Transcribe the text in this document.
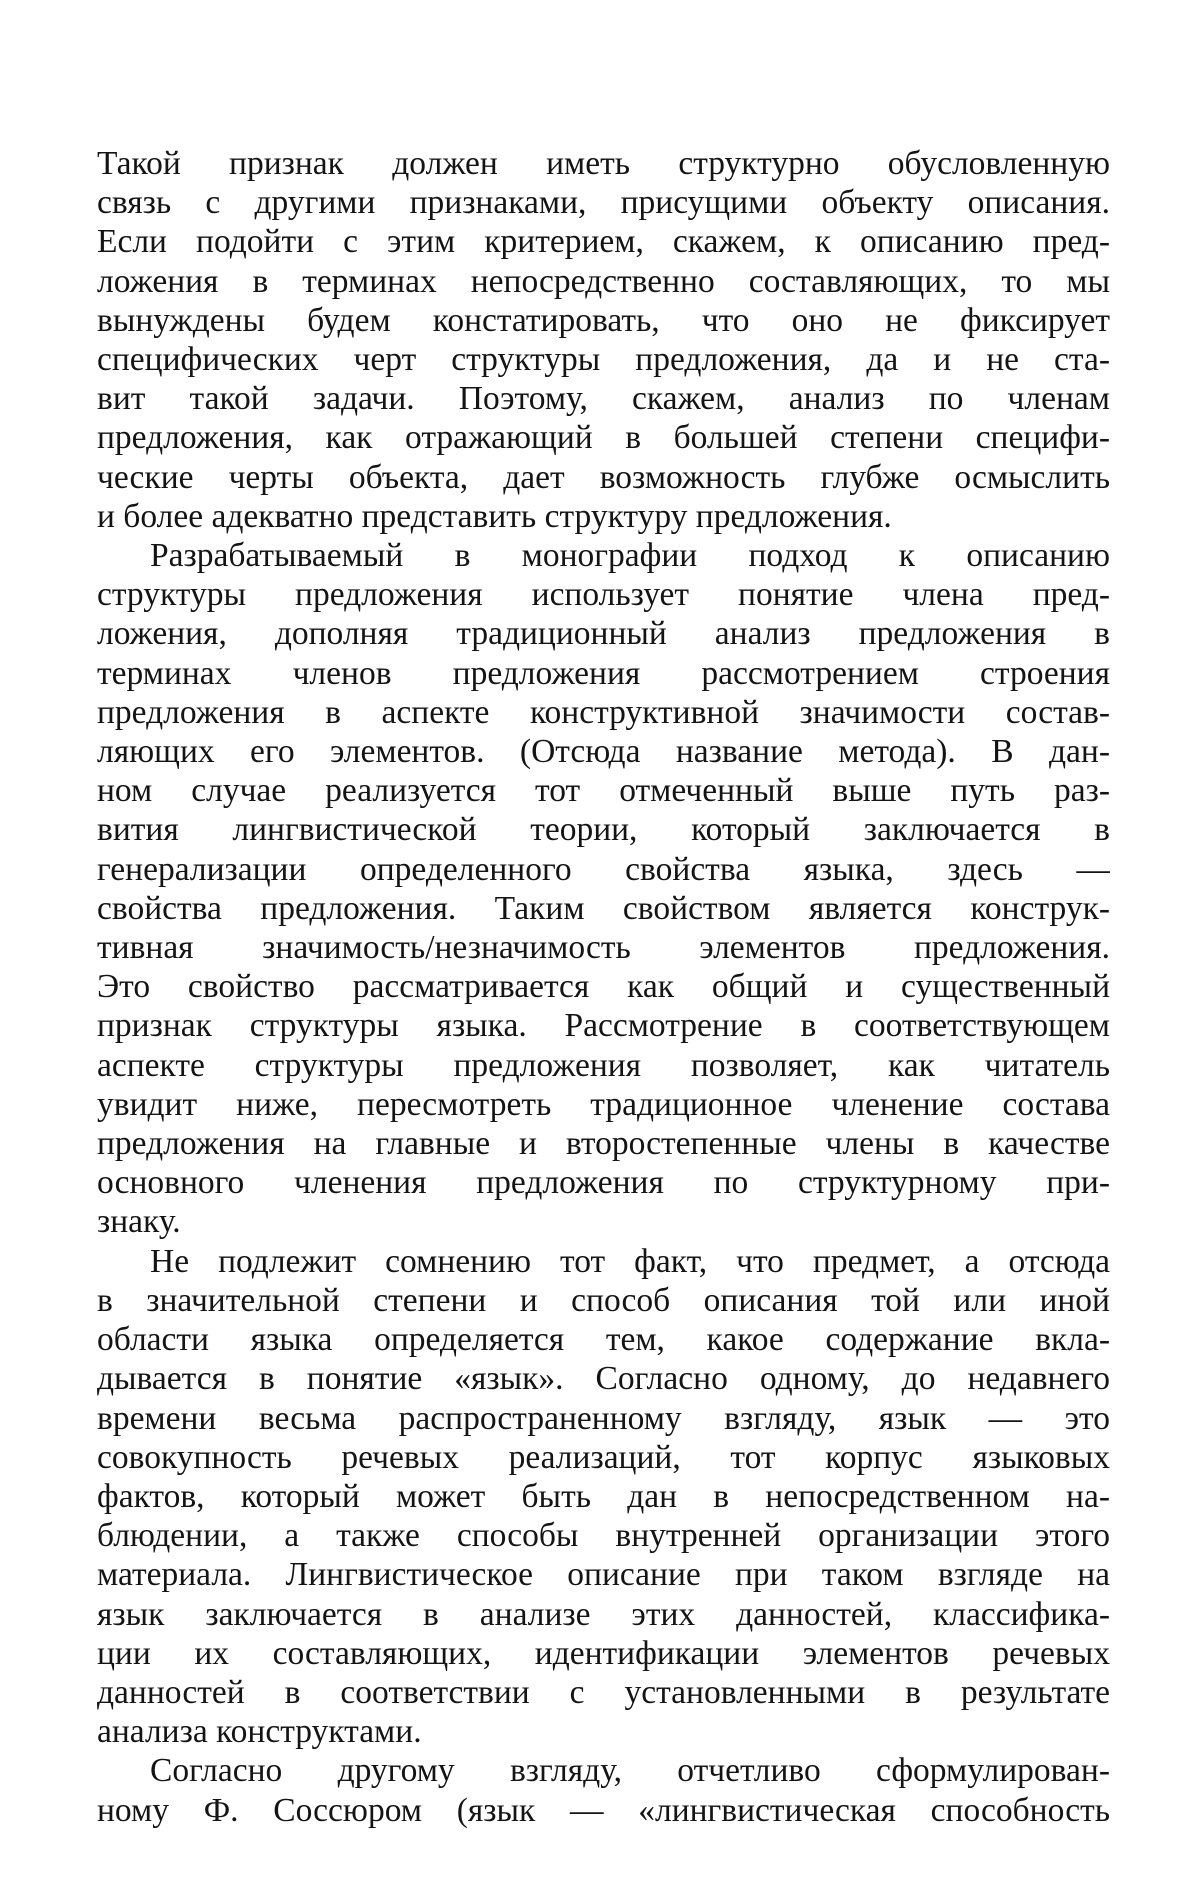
Такой признак должен иметь структурно обусловленную
связь с другими признаками, присущими объекту описания.
Если подойти с этим критерием, скажем, к описанию пред-
ложения в терминах непосредственно составляющих, то мы
вынуждены будем констатировать, что оно не фиксирует
специфических черт структуры предложения, да и не ста-
вит такой задачи. Поэтому, скажем, анализ по членам
предложения, как отражающий в большей степени специфи-
ческие черты объекта, дает возможность глубже осмыслить
и более адекватно представить структуру предложения.
Разрабатываемый в монографии подход к описанию
структуры предложения использует понятие члена пред-
ложения, дополняя традиционный анализ предложения в
терминах членов предложения рассмотрением строения
предложения в аспекте конструктивной значимости состав-
ляющих его элементов. (Отсюда название метода). В дан-
ном случае реализуется тот отмеченный выше путь раз-
вития лингвистической теории, который заключается в
генерализации определенного свойства языка, здесь —
свойства предложения. Таким свойством является конструк-
тивная значимость/незначимость элементов предложения.
Это свойство рассматривается как общий и существенный
признак структуры языка. Рассмотрение в соответствующем
аспекте структуры предложения позволяет, как читатель
увидит ниже, пересмотреть традиционное членение состава
предложения на главные и второстепенные члены в качестве
основного членения предложения по структурному при-
знаку.
Не подлежит сомнению тот факт, что предмет, а отсюда
в значительной степени и способ описания той или иной
области языка определяется тем, какое содержание вкла-
дывается в понятие «язык». Согласно одному, до недавнего
времени весьма распространенному взгляду, язык — это
совокупность речевых реализаций, тот корпус языковых
фактов, который может быть дан в непосредственном на-
блюдении, а также способы внутренней организации этого
материала. Лингвистическое описание при таком взгляде на
язык заключается в анализе этих данностей, классифика-
ции их составляющих, идентификации элементов речевых
данностей в соответствии с установленными в результате
анализа конструктами.
Согласно другому взгляду, отчетливо сформулирован-
ному Ф. Соссюром (язык — «лингвистическая способность
